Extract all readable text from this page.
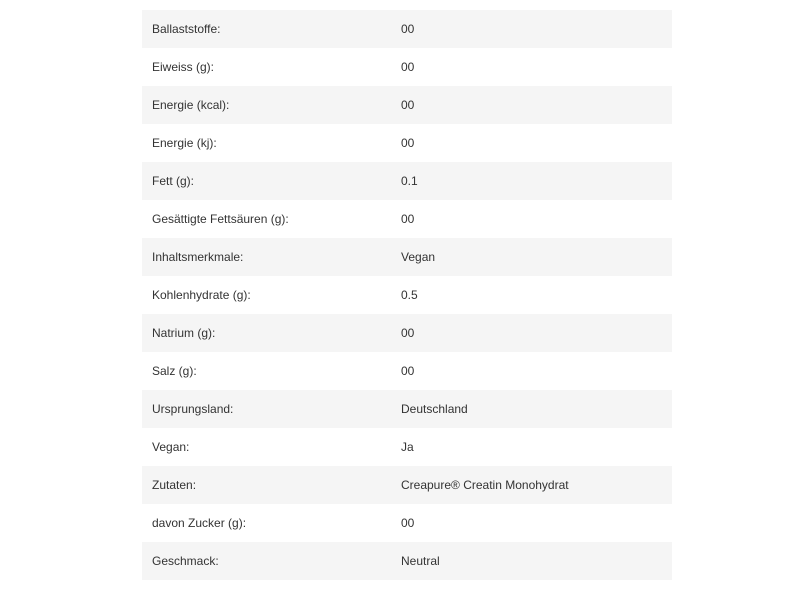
Ballaststoffe:	00
Eiweiss (g):	00
Energie (kcal):	00
Energie (kj):	00
Fett (g):	0.1
Gesättigte Fettsäuren (g):	00
Inhaltsmerkmale:	Vegan
Kohlenhydrate (g):	0.5
Natrium (g):	00
Salz (g):	00
Ursprungsland:	Deutschland
Vegan:	Ja
Zutaten:	Creapure® Creatin Monohydrat
davon Zucker (g):	00
Geschmack:	Neutral
